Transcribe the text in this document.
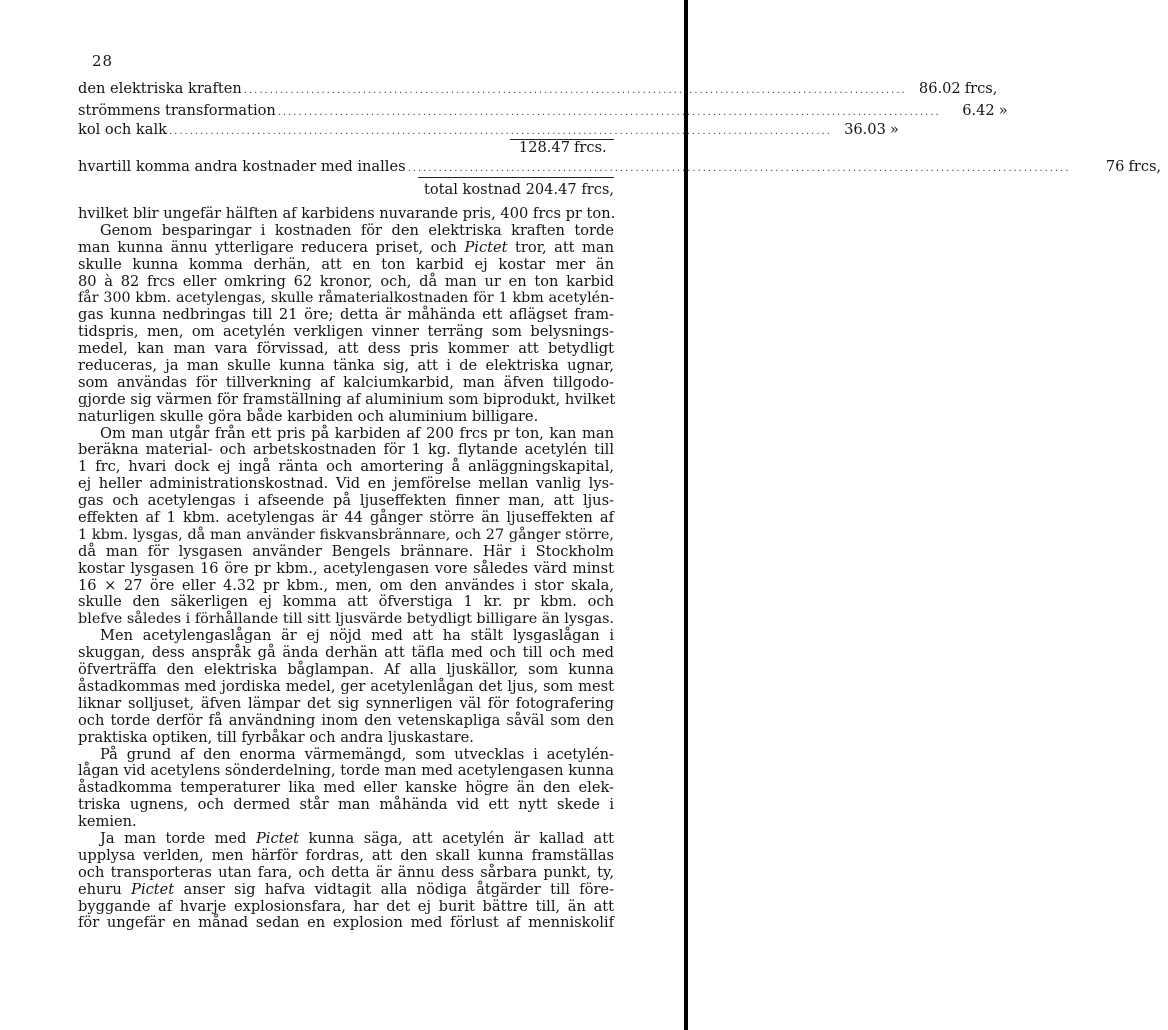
28
den elektriska kraften ................................................................................................................................ 86.02 frcs,
strömmens transformation ................................................................................................................................	6.42 »
kol och kalk ................................................................................................................................ 36.03 »
128.47 frcs.
hvartill komma andra kostnader med inalles ................................................................................................................................	76 frcs,
total kostnad 204.47 frcs,
hvilket blir ungefär hälften af karbidens nuvarande pris, 400 frcs pr ton.
Genom besparingar i kostnaden för den elektriska kraften torde
man kunna ännu ytterligare reducera priset, och Pictet tror, att man
skulle kunna komma derhän, att en ton karbid ej kostar mer än
80 à 82 frcs eller omkring 62 kronor, och, då man ur en ton karbid
får 300 kbm. acetylengas, skulle råmaterialkostnaden för 1 kbm acetylén-
gas kunna nedbringas till 21 öre; detta är måhända ett aflägset fram-
tidspris, men, om acetylén verkligen vinner terräng som belysnings-
medel, kan man vara förvissad, att dess pris kommer att betydligt
reduceras, ja man skulle kunna tänka sig, att i de elektriska ugnar,
som användas för tillverkning af kalciumkarbid, man äfven tillgodo-
gjorde sig värmen för framställning af aluminium som biprodukt, hvilket
naturligen skulle göra både karbiden och aluminium billigare.
Om man utgår från ett pris på karbiden af 200 frcs pr ton, kan man
beräkna material- och arbetskostnaden för 1 kg. flytande acetylén till
1 frc, hvari dock ej ingå ränta och amortering å anläggningskapital,
ej heller administrationskostnad. Vid en jemförelse mellan vanlig lys-
gas och acetylengas i afseende på ljuseffekten finner man, att ljus-
effekten af 1 kbm. acetylengas är 44 gånger större än ljuseffekten af
1 kbm. lysgas, då man använder fiskvansbrännare, och 27 gånger större,
då man för lysgasen använder Bengels brännare. Här i Stockholm
kostar lysgasen 16 öre pr kbm., acetylengasen vore således värd minst
16 × 27 öre eller 4.32 pr kbm., men, om den användes i stor skala,
skulle den säkerligen ej komma att öfverstiga 1 kr. pr kbm. och
blefve således i förhållande till sitt ljusvärde betydligt billigare än lysgas.
Men acetylengaslågan är ej nöjd med att ha stält lysgaslågan i
skuggan, dess anspråk gå ända derhän att täfla med och till och med
öfverträffa den elektriska båglampan. Af alla ljuskällor, som kunna
åstadkommas med jordiska medel, ger acetylenlågan det ljus, som mest
liknar solljuset, äfven lämpar det sig synnerligen väl för fotografering
och torde derför få användning inom den vetenskapliga såväl som den
praktiska optiken, till fyrbåkar och andra ljuskastare.
På grund af den enorma värmemängd, som utvecklas i acetylén-
lågan vid acetylens sönderdelning, torde man med acetylengasen kunna
åstadkomma temperaturer lika med eller kanske högre än den elek-
triska ugnens, och dermed står man måhända vid ett nytt skede i
kemien.
Ja man torde med Pictet kunna säga, att acetylén är kallad att
upplysa verlden, men härför fordras, att den skall kunna framställas
och transporteras utan fara, och detta är ännu dess sårbara punkt, ty,
ehuru Pictet anser sig hafva vidtagit alla nödiga åtgärder till före-
byggande af hvarje explosionsfara, har det ej burit bättre till, än att
för ungefär en månad sedan en explosion med förlust af menniskolif
